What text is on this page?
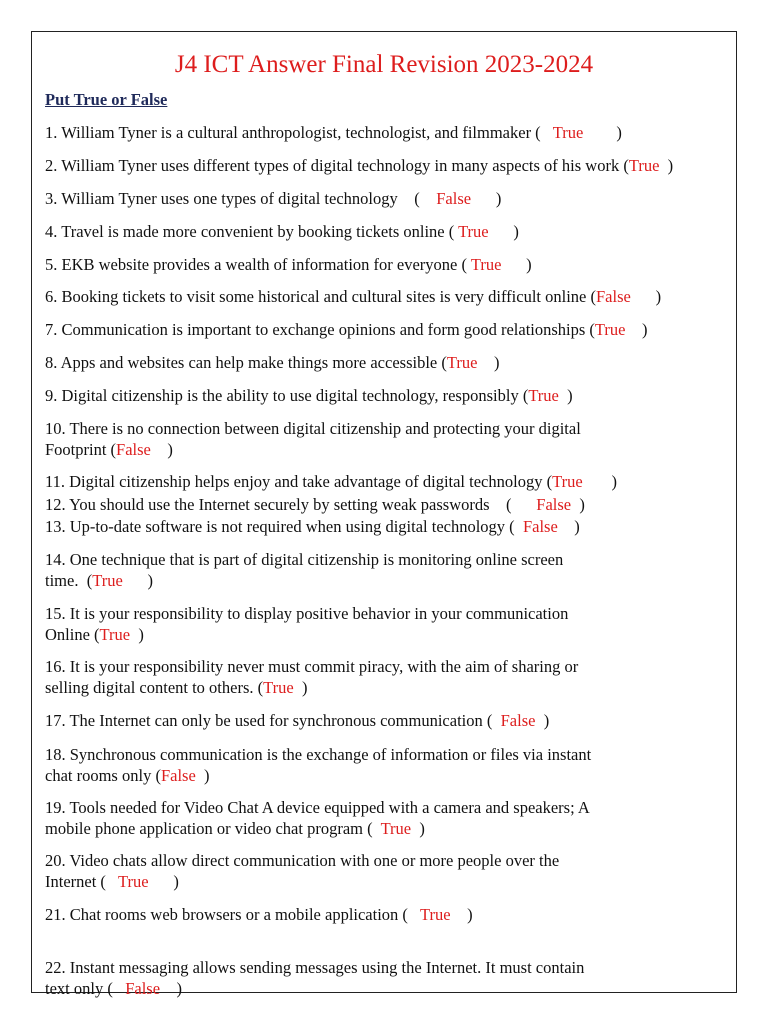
J4 ICT Answer Final Revision 2023-2024
Put True or False
1. William Tyner is a cultural anthropologist, technologist, and filmmaker ( True )
2. William Tyner uses different types of digital technology in many aspects of his work (True )
3. William Tyner uses one types of digital technology ( False )
4. Travel is made more convenient by booking tickets online ( True )
5. EKB website provides a wealth of information for everyone ( True )
6. Booking tickets to visit some historical and cultural sites is very difficult online (False )
7. Communication is important to exchange opinions and form good relationships (True )
8. Apps and websites can help make things more accessible (True )
9. Digital citizenship is the ability to use digital technology, responsibly (True )
10. There is no connection between digital citizenship and protecting your digital
Footprint (False )
11. Digital citizenship helps enjoy and take advantage of digital technology (True )
12. You should use the Internet securely by setting weak passwords ( False )
13. Up-to-date software is not required when using digital technology ( False )
14. One technique that is part of digital citizenship is monitoring online screen
time.  (True )
15. It is your responsibility to display positive behavior in your communication
Online (True )
16. It is your responsibility never must commit piracy, with the aim of sharing or
selling digital content to others. (True )
17. The Internet can only be used for synchronous communication ( False )
18. Synchronous communication is the exchange of information or files via instant
chat rooms only (False )
19. Tools needed for Video Chat A device equipped with a camera and speakers; A
mobile phone application or video chat program ( True )
20. Video chats allow direct communication with one or more people over the
Internet ( True )
21. Chat rooms web browsers or a mobile application ( True )
22. Instant messaging allows sending messages using the Internet. It must contain
text only ( False )
